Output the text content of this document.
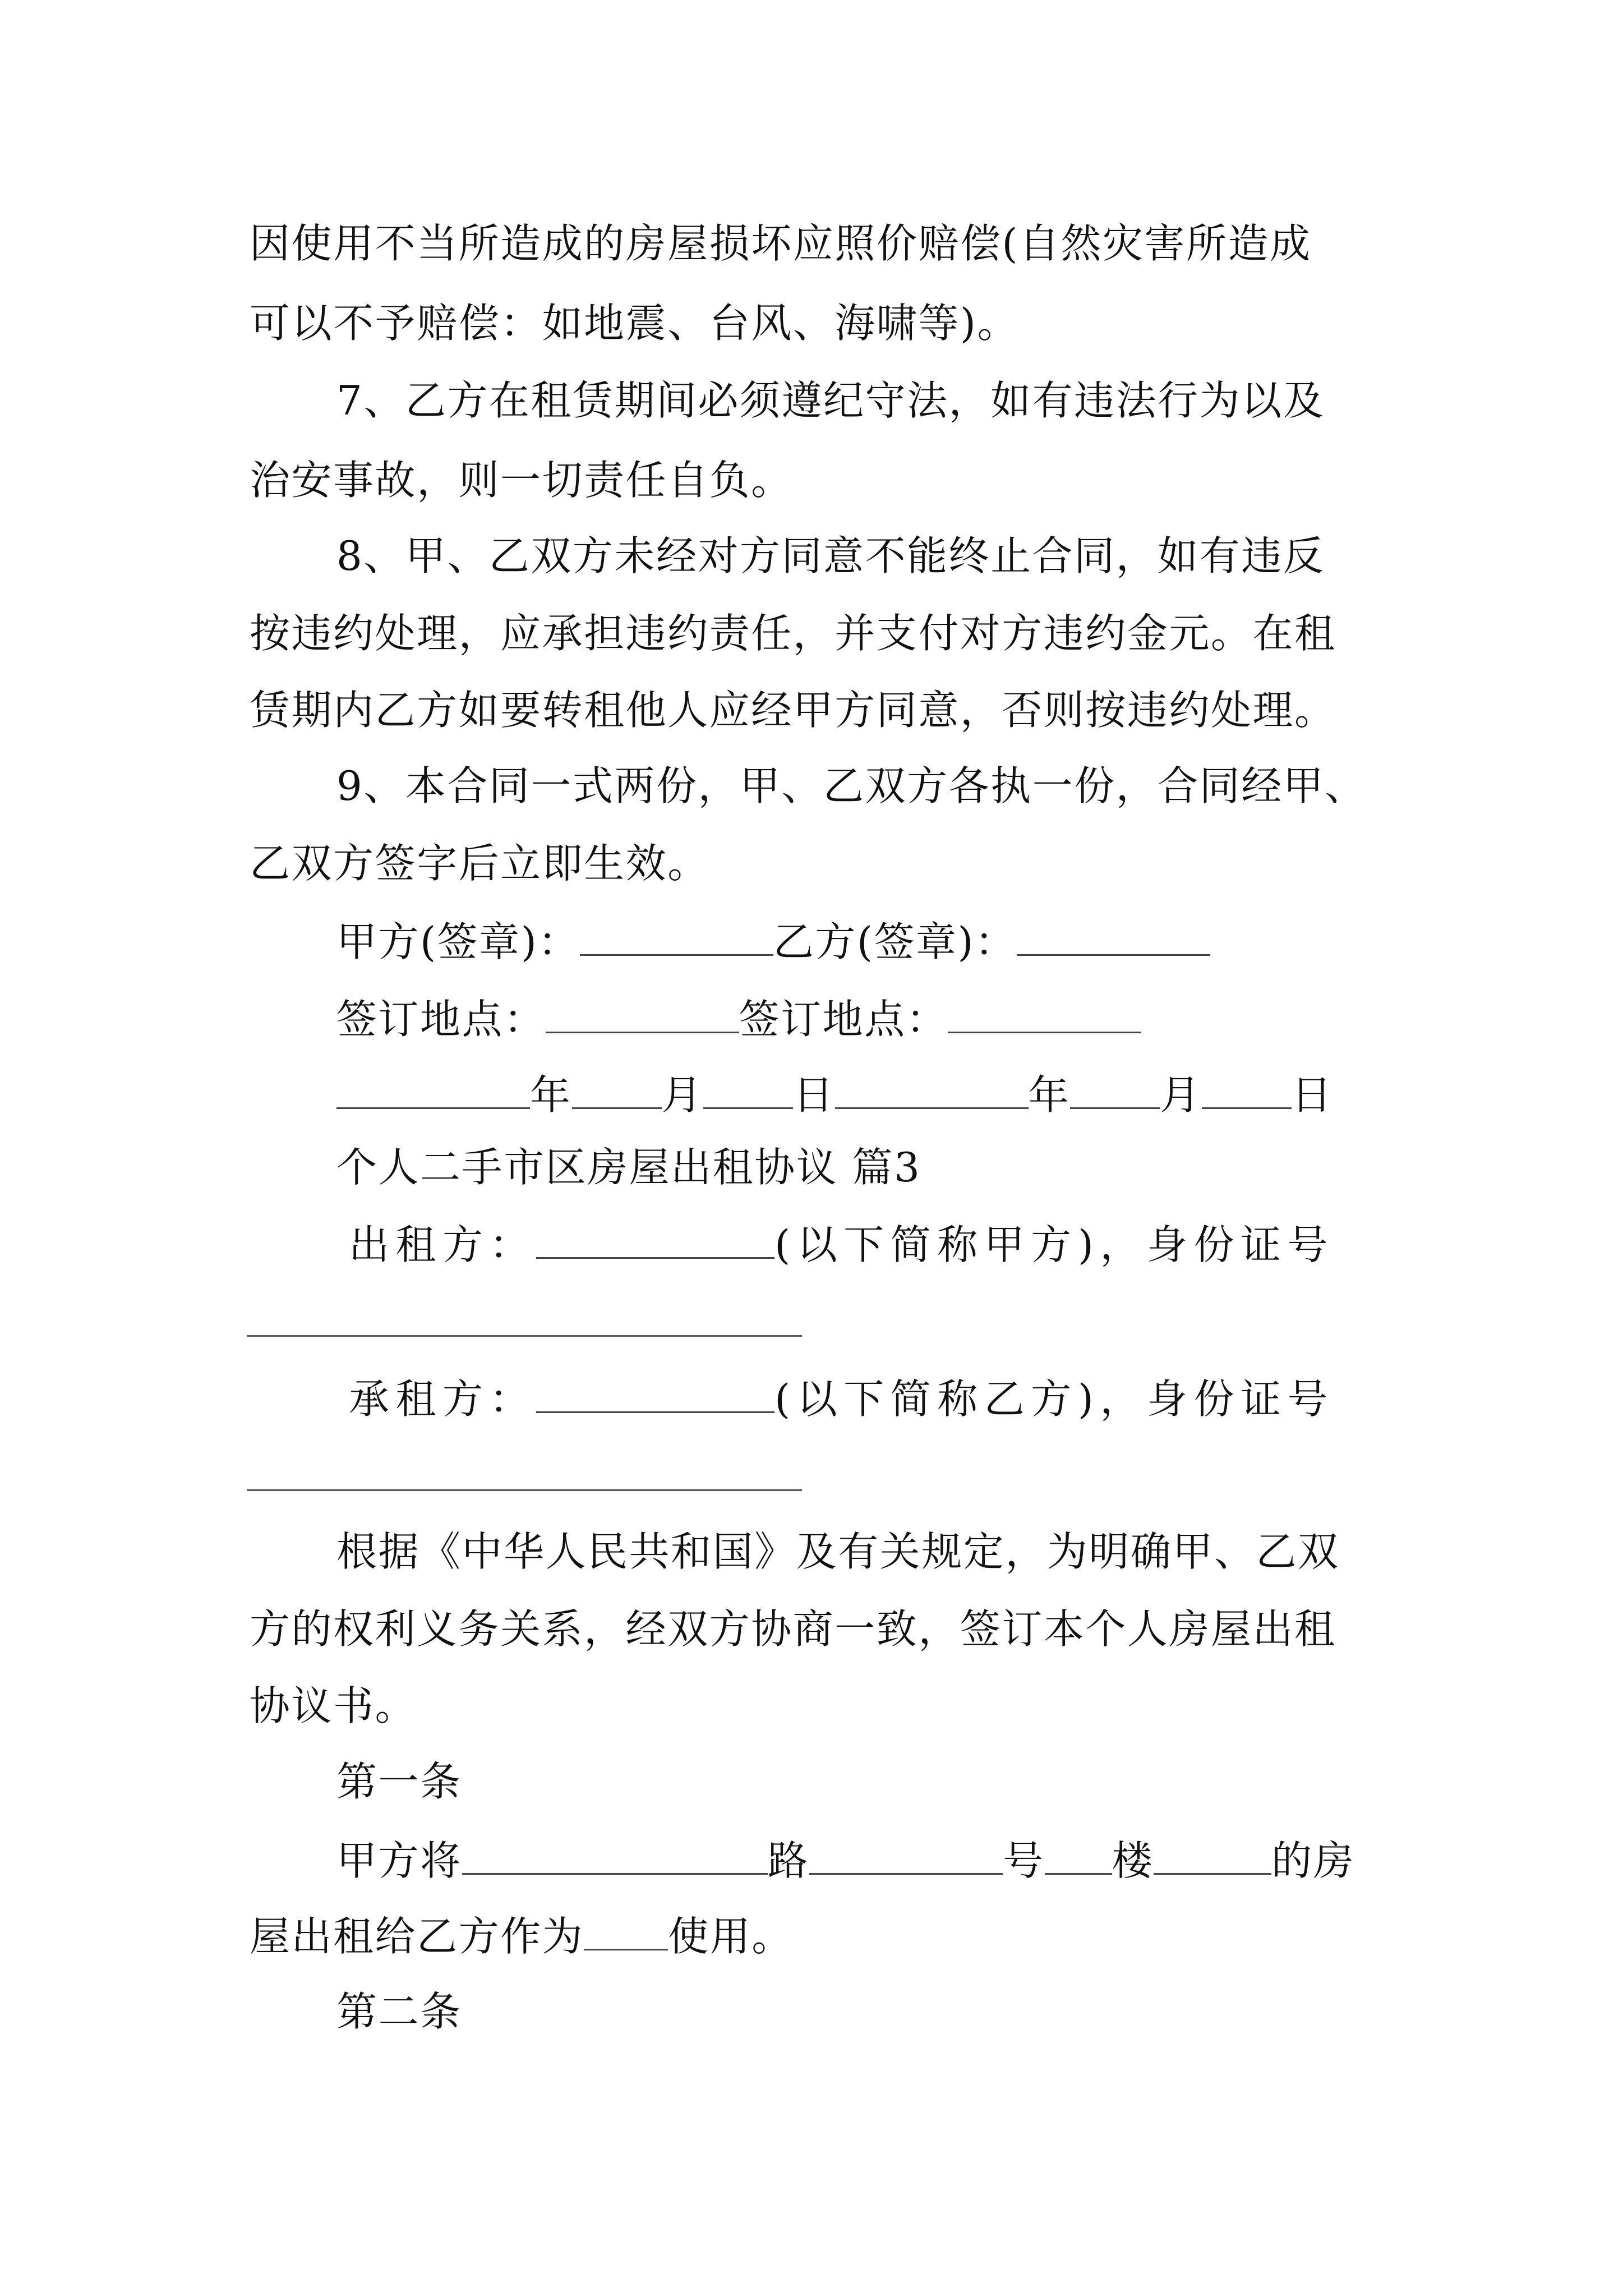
因使用不当所造成的房屋损坏应照价赔偿(自然灾害所造成
可以不予赔偿：如地震、台风、海啸等)。
7、乙方在租赁期间必须遵纪守法，如有违法行为以及
治安事故，则一切责任自负。
8、甲、乙双方未经对方同意不能终止合同，如有违反
按违约处理，应承担违约责任，并支付对方违约金元。在租
赁期内乙方如要转租他人应经甲方同意，否则按违约处理。
9、本合同一式两份，甲、乙双方各执一份，合同经甲、
乙双方签字后立即生效。
甲方(签章)：	乙方(签章)：
签订地点：	签订地点：
年 月 日	年 月 日
个人二手市区房屋出租协议 篇3
出租方：	(以下简称甲方)，身份证号
承租方：	(以下简称乙方)，身份证号
根据《中华人民共和国》及有关规定，为明确甲、乙双
方的权利义务关系，经双方协商一致，签订本个人房屋出租
协议书。
第一条
甲方将	路	号 楼	的房
屋出租给乙方作为 使用。
第二条
